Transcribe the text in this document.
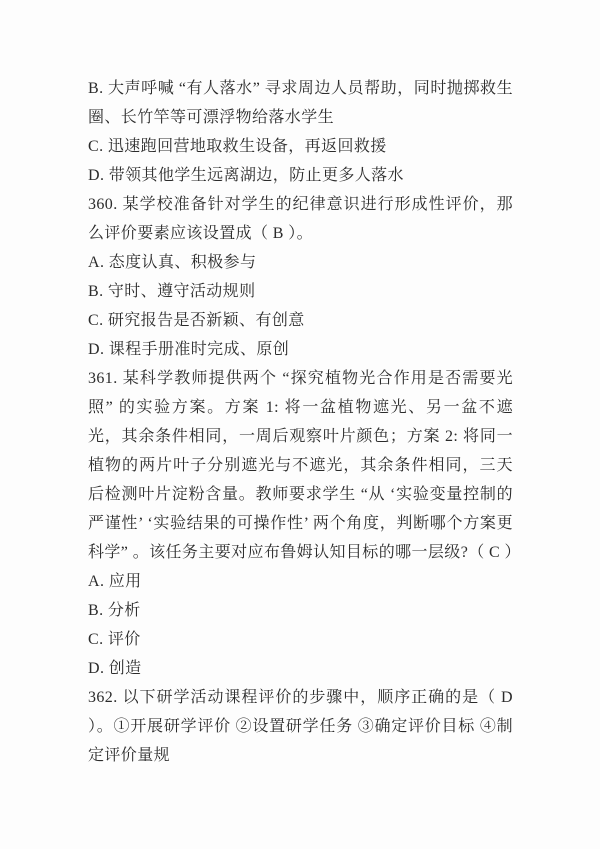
B. 大声呼喊 “有人落水” 寻求周边人员帮助，同时抛掷救生圈、长竹竿等可漂浮物给落水学生

C. 迅速跑回营地取救生设备，再返回救援

D. 带领其他学生远离湖边，防止更多人落水

360. 某学校准备针对学生的纪律意识进行形成性评价，那么评价要素应该设置成（ B ）。

A. 态度认真、积极参与

B. 守时、遵守活动规则

C. 研究报告是否新颖、有创意

D. 课程手册准时完成、原创

361. 某科学教师提供两个 “探究植物光合作用是否需要光照” 的实验方案。方案 1: 将一盆植物遮光、另一盆不遮光，其余条件相同，一周后观察叶片颜色；方案 2: 将同一植物的两片叶子分别遮光与不遮光，其余条件相同，三天后检测叶片淀粉含量。教师要求学生 “从 ‘实验变量控制的严谨性’ ‘实验结果的可操作性’ 两个角度，判断哪个方案更科学” 。该任务主要对应布鲁姆认知目标的哪一层级?（ C ）

A. 应用

B. 分析

C. 评价

D. 创造

362. 以下研学活动课程评价的步骤中，顺序正确的是（ D ）。①开展研学评价 ②设置研学任务 ③确定评价目标 ④制定评价量规
